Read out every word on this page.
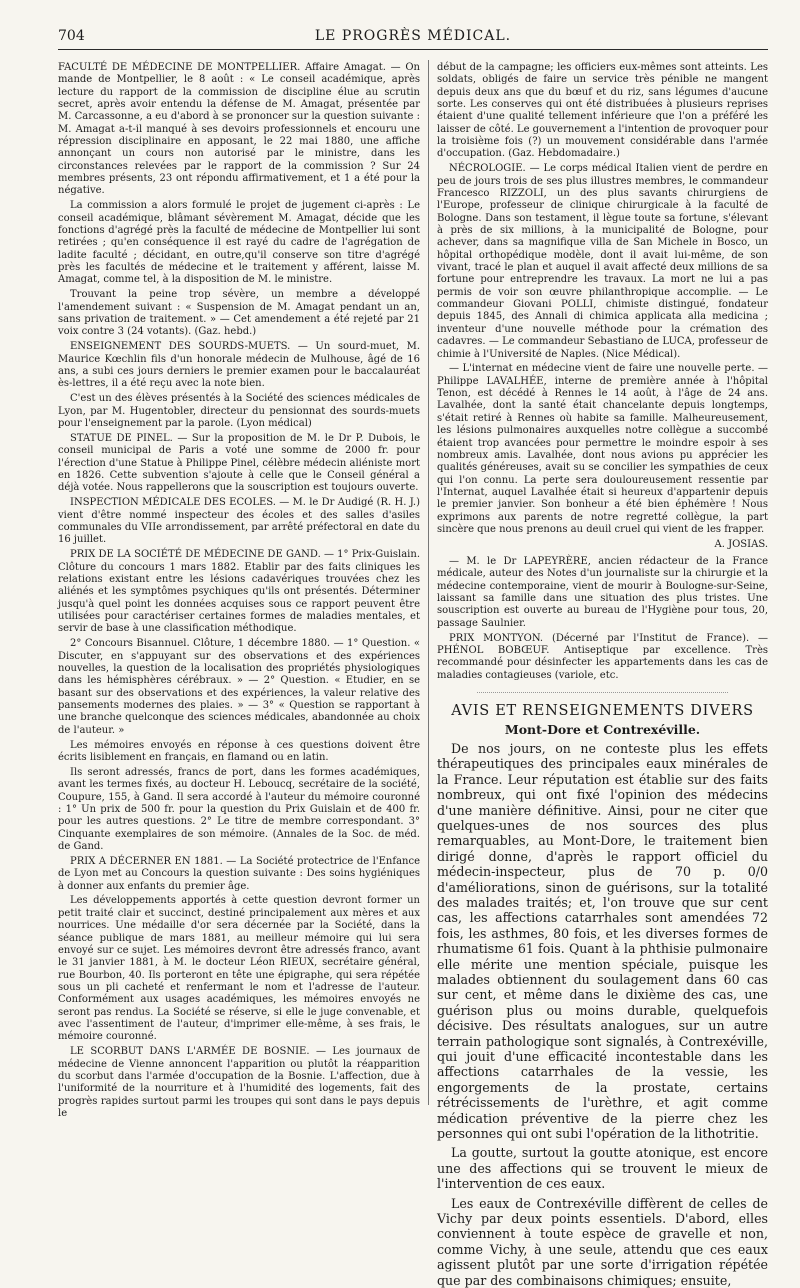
704	LE PROGRÈS MÉDICAL.

FACULTÉ DE MÉDECINE DE MONTPELLIER. Affaire Amagat. — On mande de Montpellier, le 8 août : « Le conseil académique, après lecture du rapport de la commission de discipline élue au scrutin secret, après avoir entendu la défense de M. Amagat, présentée par M. Carcassonne, a eu d'abord à se prononcer sur la question suivante : M. Amagat a-t-il manqué à ses devoirs professionnels et encouru une répression disciplinaire en apposant, le 22 mai 1880, une affiche annonçant un cours non autorisé par le ministre, dans les circonstances relevées par le rapport de la commission ? Sur 24 membres présents, 23 ont répondu affirmativement, et 1 a été pour la négative.

La commission a alors formulé le projet de jugement ci-après : Le conseil académique, blâmant sévèrement M. Amagat, décide que les fonctions d'agrégé près la faculté de médecine de Montpellier lui sont retirées ; qu'en conséquence il est rayé du cadre de l'agrégation de ladite faculté ; décidant, en outre,qu'il conserve son titre d'agrégé près les facultés de médecine et le traitement y afférent, laisse M. Amagat, comme tel, à la disposition de M. le ministre.

Trouvant la peine trop sévère, un membre a développé l'amendement suivant : « Suspension de M. Amagat pendant un an, sans privation de traitement. » — Cet amendement a été rejeté par 21 voix contre 3 (24 votants). (Gaz. hebd.)

ENSEIGNEMENT DES SOURDS-MUETS. — Un sourd-muet, M. Maurice Kœchlin fils d'un honorale médecin de Mulhouse, âgé de 16 ans, a subi ces jours derniers le premier examen pour le baccalauréat ès-lettres, il a été reçu avec la note bien.

C'est un des élèves présentés à la Société des sciences médicales de Lyon, par M. Hugentobler, directeur du pensionnat des sourds-muets pour l'enseignement par la parole. (Lyon médical)

STATUE DE PINEL. — Sur la proposition de M. le Dr P. Dubois, le conseil municipal de Paris a voté une somme de 2000 fr. pour l'érection d'une Statue à Philippe Pinel, célèbre médecin aliéniste mort en 1826. Cette subvention s'ajoute à celle que le Conseil général a déjà votée. Nous rappellerons que la souscription est toujours ouverte.

INSPECTION MÉDICALE DES ECOLES. — M. le Dr Audigé (R. H. J.) vient d'être nommé inspecteur des écoles et des salles d'asiles communales du VIIe arrondissement, par arrêté préfectoral en date du 16 juillet.

PRIX DE LA SOCIÉTÉ DE MÉDECINE DE GAND. — 1° Prix-Guislain. Clôture du concours 1 mars 1882. Etablir par des faits cliniques les relations existant entre les lésions cadavériques trouvées chez les aliénés et les symptômes psychiques qu'ils ont présentés. Déterminer jusqu'à quel point les données acquises sous ce rapport peuvent être utilisées pour caractériser certaines formes de maladies mentales, et servir de base à une classification méthodique.

2° Concours Bisannuel. Clôture, 1 décembre 1880. — 1° Question. « Discuter, en s'appuyant sur des observations et des expériences nouvelles, la question de la localisation des propriétés physiologiques dans les hémisphères cérébraux. » — 2° Question. « Etudier, en se basant sur des observations et des expériences, la valeur relative des pansements modernes des plaies. » — 3° « Question se rapportant à une branche quelconque des sciences médicales, abandonnée au choix de l'auteur. »

Les mémoires envoyés en réponse à ces questions doivent être écrits lisiblement en français, en flamand ou en latin.

Ils seront adressés, francs de port, dans les formes académiques, avant les termes fixés, au docteur H. Leboucq, secrétaire de la société, Coupure, 155, à Gand. Il sera accordé à l'auteur du mémoire couronné : 1° Un prix de 500 fr. pour la question du Prix Guislain et de 400 fr. pour les autres questions. 2° Le titre de membre correspondant. 3° Cinquante exemplaires de son mémoire. (Annales de la Soc. de méd. de Gand.

PRIX A DÉCERNER EN 1881. — La Société protectrice de l'Enfance de Lyon met au Concours la question suivante : Des soins hygiéniques à donner aux enfants du premier âge.

Les développements apportés à cette question devront former un petit traité clair et succinct, destiné principalement aux mères et aux nourrices. Une médaille d'or sera décernée par la Société, dans la séance publique de mars 1881, au meilleur mémoire qui lui sera envoyé sur ce sujet. Les mémoires devront être adressés franco, avant le 31 janvier 1881, à M. le docteur Léon RIEUX, secrétaire général, rue Bourbon, 40. Ils porteront en tête une épigraphe, qui sera répétée sous un pli cacheté et renfermant le nom et l'adresse de l'auteur. Conformément aux usages académiques, les mémoires envoyés ne seront pas rendus. La Société se réserve, si elle le juge convenable, et avec l'assentiment de l'auteur, d'imprimer elle-même, à ses frais, le mémoire couronné.

LE SCORBUT DANS L'ARMÉE DE BOSNIE. — Les journaux de médecine de Vienne annoncent l'apparition ou plutôt la réapparition du scorbut dans l'armée d'occupation de la Bosnie. L'affection, due à l'uniformité de la nourriture et à l'humidité des logements, fait des progrès rapides surtout parmi les troupes qui sont dans le pays depuis le

début de la campagne; les officiers eux-mêmes sont atteints. Les soldats, obligés de faire un service très pénible ne mangent depuis deux ans que du bœuf et du riz, sans légumes d'aucune sorte. Les conserves qui ont été distribuées à plusieurs reprises étaient d'une qualité tellement inférieure que l'on a préféré les laisser de côté. Le gouvernement a l'intention de provoquer pour la troisième fois (?) un mouvement considérable dans l'armée d'occupation. (Gaz. Hebdomadaire.)

NÉCROLOGIE. — Le corps médical Italien vient de perdre en peu de jours trois de ses plus illustres membres, le commandeur Francesco RIZZOLI, un des plus savants chirurgiens de l'Europe, professeur de clinique chirurgicale à la faculté de Bologne. Dans son testament, il lègue toute sa fortune, s'élevant à près de six millions, à la municipalité de Bologne, pour achever, dans sa magnifique villa de San Michele in Bosco, un hôpital orthopédique modèle, dont il avait lui-même, de son vivant, tracé le plan et auquel il avait affecté deux millions de sa fortune pour entreprendre les travaux. La mort ne lui a pas permis de voir son œuvre philanthropique accomplie. — Le commandeur Giovani POLLI, chimiste distingué, fondateur depuis 1845, des Annali di chimica applicata alla medicina ; inventeur d'une nouvelle méthode pour la crémation des cadavres. — Le commandeur Sebastiano de LUCA, professeur de chimie à l'Université de Naples. (Nice Médical).

— L'internat en médecine vient de faire une nouvelle perte. — Philippe LAVALHÉE, interne de première année à l'hôpital Tenon, est décédé à Rennes le 14 août, à l'âge de 24 ans. Lavalhée, dont la santé était chancelante depuis longtemps, s'était retiré à Rennes où habite sa famille. Malheureusement, les lésions pulmonaires auxquelles notre collègue a succombé étaient trop avancées pour permettre le moindre espoir à ses nombreux amis. Lavalhée, dont nous avions pu apprécier les qualités généreuses, avait su se concilier les sympathies de ceux qui l'on connu. La perte sera douloureusement ressentie par l'Internat, auquel Lavalhée était si heureux d'appartenir depuis le premier janvier. Son bonheur a été bien éphémère ! Nous exprimons aux parents de notre regretté collègue, la part sincère que nous prenons au deuil cruel qui vient de les frapper.

A. JOSIAS.

— M. le Dr LAPEYRÈRE, ancien rédacteur de la France médicale, auteur des Notes d'un journaliste sur la chirurgie et la médecine contemporaine, vient de mourir à Boulogne-sur-Seine, laissant sa famille dans une situation des plus tristes. Une souscription est ouverte au bureau de l'Hygiène pour tous, 20, passage Saulnier.

PRIX MONTYON. (Décerné par l'Institut de France). — PHÉNOL BOBŒUF. Antiseptique par excellence. Très recommandé pour désinfecter les appartements dans les cas de maladies contagieuses (variole, etc.

AVIS ET RENSEIGNEMENTS DIVERS
Mont-Dore et Contrexéville.

De nos jours, on ne conteste plus les effets thérapeutiques des principales eaux minérales de la France. Leur réputation est établie sur des faits nombreux, qui ont fixé l'opinion des médecins d'une manière définitive. Ainsi, pour ne citer que quelques-unes de nos sources des plus remarquables, au Mont-Dore, le traitement bien dirigé donne, d'après le rapport officiel du médecin-inspecteur, plus de 70 p. 0/0 d'améliorations, sinon de guérisons, sur la totalité des malades traités; et, l'on trouve que sur cent cas, les affections catarrhales sont amendées 72 fois, les asthmes, 80 fois, et les diverses formes de rhumatisme 61 fois. Quant à la phthisie pulmonaire elle mérite une mention spéciale, puisque les malades obtiennent du soulagement dans 60 cas sur cent, et même dans le dixième des cas, une guérison plus ou moins durable, quelquefois décisive. Des résultats analogues, sur un autre terrain pathologique sont signalés, à Contrexéville, qui jouit d'une efficacité incontestable dans les affections catarrhales de la vessie, les engorgements de la prostate, certains rétrécissements de l'urèthre, et agit comme médication préventive de la pierre chez les personnes qui ont subi l'opération de la lithotritie.

La goutte, surtout la goutte atonique, est encore une des affections qui se trouvent le mieux de l'intervention de ces eaux.

Les eaux de Contrexéville diffèrent de celles de Vichy par deux points essentiels. D'abord, elles conviennent à toute espèce de gravelle et non, comme Vichy, à une seule, attendu que ces eaux agissent plutôt par une sorte d'irrigation répétée que par des combinaisons chimiques; ensuite,
